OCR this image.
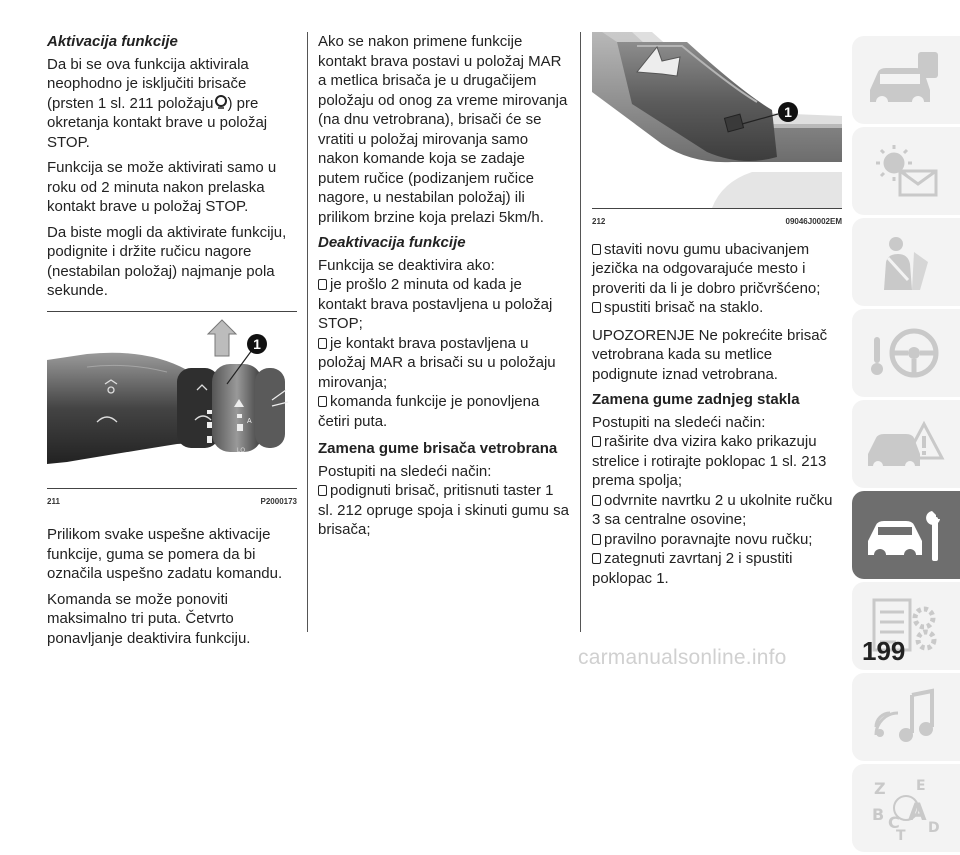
Aktivacija funkcije

Da bi se ova funkcija aktivirala neophodno je isključiti brisače (prsten 1 sl. 211 položaju ) pre okretanja kontakt brave u položaj STOP.

Funkcija se može aktivirati samo u roku od 2 minuta nakon prelaska kontakt brave u položaj STOP.

Da biste mogli da aktivirate funkciju, podignite i držite ručicu nagore (nestabilan položaj) najmanje pola sekunde.

A
LO
1
211	P2000173

Prilikom svake uspešne aktivacije funkcije, guma se pomera da bi označila uspešno zadatu komandu.

Komanda se može ponoviti maksimalno tri puta. Četvrto ponavljanje deaktivira funkciju.

Ako se nakon primene funkcije kontakt brava postavi u položaj MAR a metlica brisača je u drugačijem položaju od onog za vreme mirovanja (na dnu vetrobrana), brisači će se vratiti u položaj mirovanja samo nakon komande koja se zadaje putem ručice (podizanjem ručice nagore, u nestabilan položaj) ili prilikom brzine koja prelazi 5km/h.

Deaktivacija funkcije

Funkcija se deaktivira ako:

je prošlo 2 minuta od kada je kontakt brava postavljena u položaj STOP;
je kontakt brava postavljena u položaj MAR a brisači su u položaju mirovanja;
komanda funkcije je ponovljena četiri puta.
Zamena gume brisača vetrobrana

Postupiti na sledeći način:

podignuti brisač, pritisnuti taster 1 sl. 212 opruge spoja i skinuti gumu sa brisača;
1
212	09046J0002EM
staviti novu gumu ubacivanjem jezička na odgovarajuće mesto i proveriti da li je dobro pričvršćeno;
spustiti brisač na staklo.

UPOZORENJE Ne pokrećite brisač vetrobrana kada su metlice podignute iznad vetrobrana.

Zamena gume zadnjeg stakla

Postupiti na sledeći način:

raširite dva vizira kako prikazuju strelice i rotirajte poklopac 1 sl. 213 prema spolja;
odvrnite navrtku 2 u ukolnite ručku 3 sa centralne osovine;
pravilno poravnajte novu ručku;
zategnuti zavrtanj 2 i spustiti poklopac 1.
Z E
B A
C
T D
199
carmanualsonline.info
